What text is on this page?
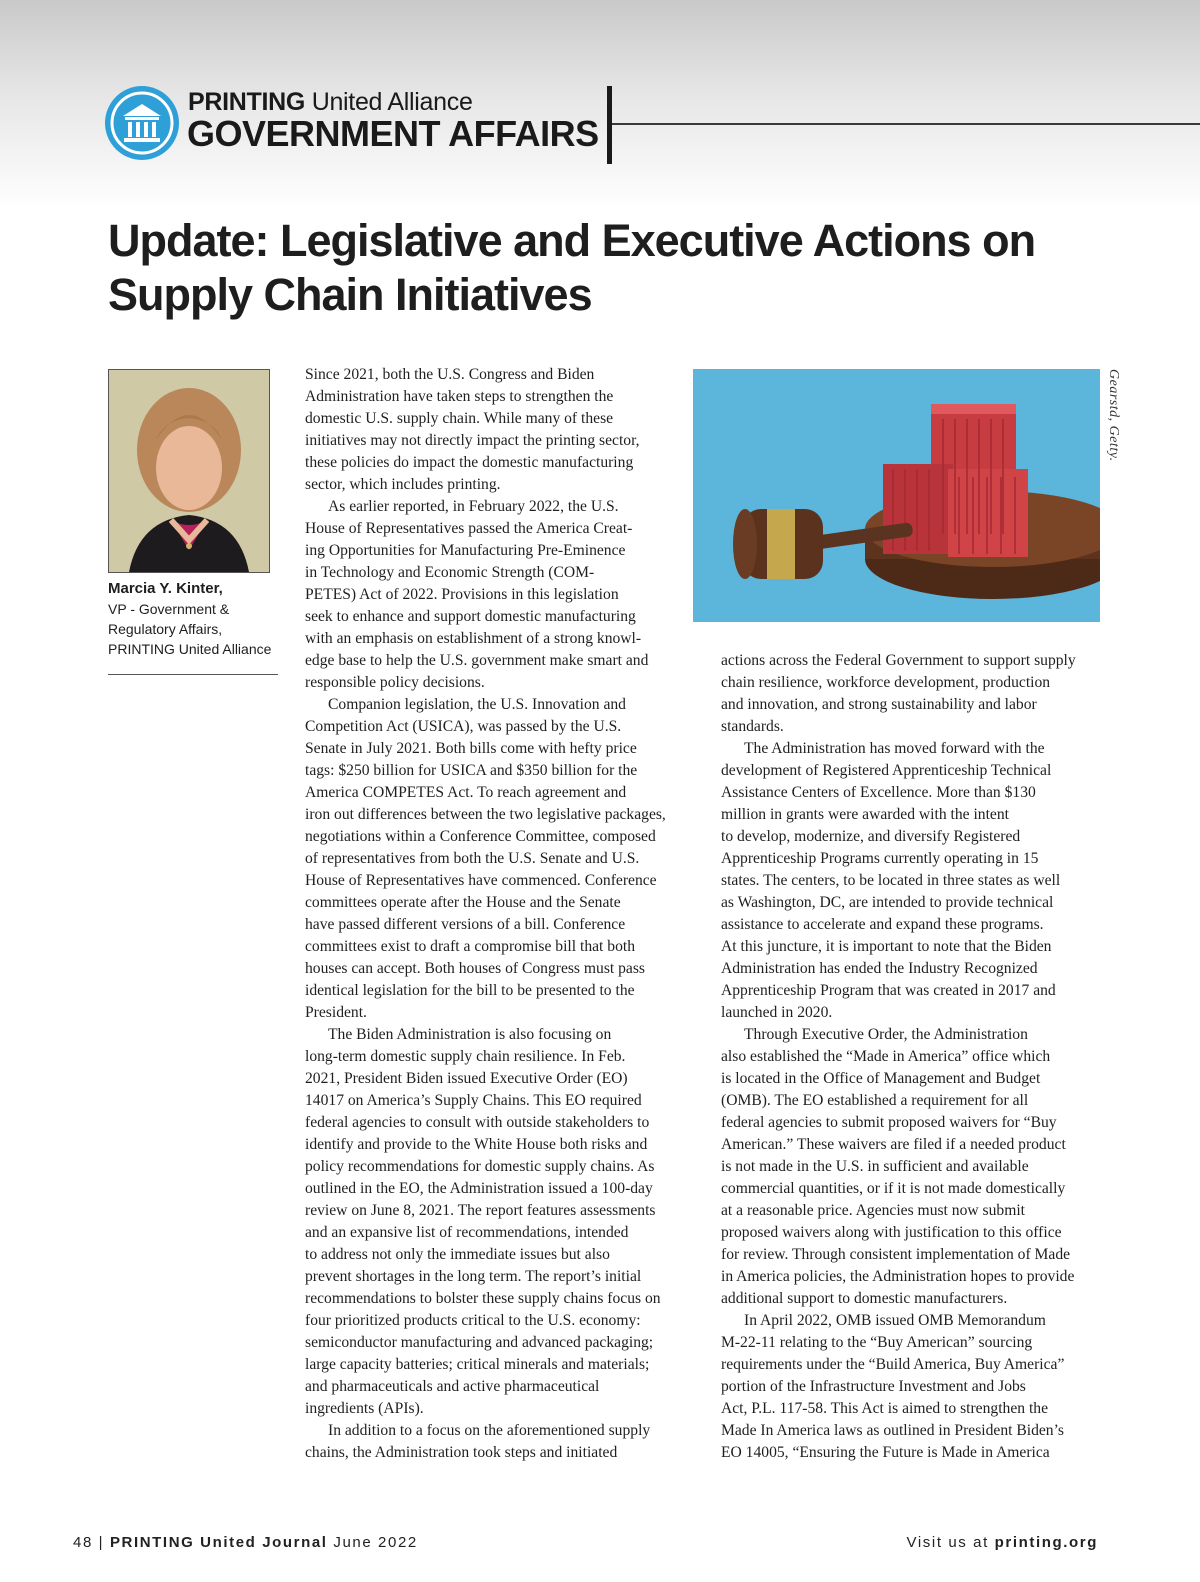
PRINTING United Alliance
GOVERNMENT AFFAIRS
Update: Legislative and Executive Actions on
Supply Chain Initiatives
Marcia Y. Kinter,
VP - Government &
Regulatory Affairs,
PRINTING United Alliance

Since 2021, both the U.S. Congress and Biden

Administration have taken steps to strengthen the

domestic U.S. supply chain. While many of these

initiatives may not directly impact the printing sector,

these policies do impact the domestic manufacturing

sector, which includes printing.

As earlier reported, in February 2022, the U.S.

House of Representatives passed the America Creat-

ing Opportunities for Manufacturing Pre-Eminence

in Technology and Economic Strength (COM-

PETES) Act of 2022. Provisions in this legislation

seek to enhance and support domestic manufacturing

with an emphasis on establishment of a strong knowl-

edge base to help the U.S. government make smart and

responsible policy decisions.

Companion legislation, the U.S. Innovation and

Competition Act (USICA), was passed by the U.S.

Senate in July 2021. Both bills come with hefty price

tags: $250 billion for USICA and $350 billion for the

America COMPETES Act. To reach agreement and

iron out differences between the two legislative packages,

negotiations within a Conference Committee, composed

of representatives from both the U.S. Senate and U.S.

House of Representatives have commenced. Conference

committees operate after the House and the Senate

have passed different versions of a bill. Conference

committees exist to draft a compromise bill that both

houses can accept. Both houses of Congress must pass

identical legislation for the bill to be presented to the

President.

The Biden Administration is also focusing on

long-term domestic supply chain resilience. In Feb.

2021, President Biden issued Executive Order (EO)

14017 on America’s Supply Chains. This EO required

federal agencies to consult with outside stakeholders to

identify and provide to the White House both risks and

policy recommendations for domestic supply chains. As

outlined in the EO, the Administration issued a 100-day

review on June 8, 2021. The report features assessments

and an expansive list of recommendations, intended

to address not only the immediate issues but also

prevent shortages in the long term. The report’s initial

recommendations to bolster these supply chains focus on

four prioritized products critical to the U.S. economy:

semiconductor manufacturing and advanced packaging;

large capacity batteries; critical minerals and materials;

and pharmaceuticals and active pharmaceutical

ingredients (APIs).

In addition to a focus on the aforementioned supply

chains, the Administration took steps and initiated

Gearstd, Getty.

actions across the Federal Government to support supply

chain resilience, workforce development, production

and innovation, and strong sustainability and labor

standards.

The Administration has moved forward with the

development of Registered Apprenticeship Technical

Assistance Centers of Excellence. More than $130

million in grants were awarded with the intent

to develop, modernize, and diversify Registered

Apprenticeship Programs currently operating in 15

states. The centers, to be located in three states as well

as Washington, DC, are intended to provide technical

assistance to accelerate and expand these programs.

At this juncture, it is important to note that the Biden

Administration has ended the Industry Recognized

Apprenticeship Program that was created in 2017 and

launched in 2020.

Through Executive Order, the Administration

also established the “Made in America” office which

is located in the Office of Management and Budget

(OMB). The EO established a requirement for all

federal agencies to submit proposed waivers for “Buy

American.” These waivers are filed if a needed product

is not made in the U.S. in sufficient and available

commercial quantities, or if it is not made domestically

at a reasonable price. Agencies must now submit

proposed waivers along with justification to this office

for review. Through consistent implementation of Made

in America policies, the Administration hopes to provide

additional support to domestic manufacturers.

In April 2022, OMB issued OMB Memorandum

M-22-11 relating to the “Buy American” sourcing

requirements under the “Build America, Buy America”

portion of the Infrastructure Investment and Jobs

Act, P.L. 117-58. This Act is aimed to strengthen the

Made In America laws as outlined in President Biden’s

EO 14005, “Ensuring the Future is Made in America

48 | PRINTING United Journal June 2022	Visit us at printing.org
